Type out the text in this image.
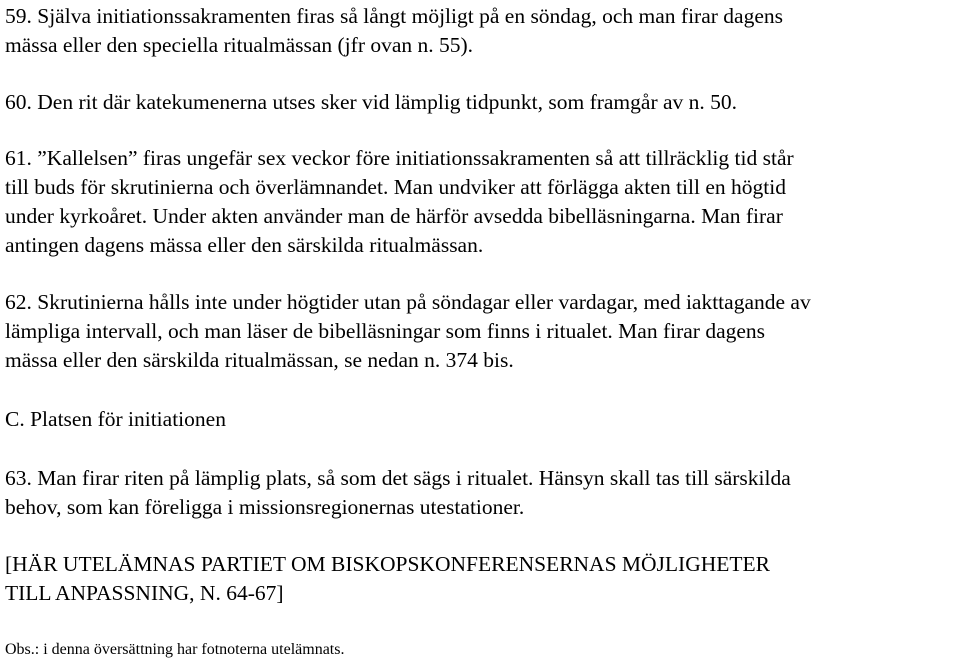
59. Själva initiationssakramenten firas så långt möjligt på en söndag, och man firar dagens
mässa eller den speciella ritualmässan (jfr ovan n. 55).

60. Den rit där katekumenerna utses sker vid lämplig tidpunkt, som framgår av n. 50.

61. ”Kallelsen” firas ungefär sex veckor före initiationssakramenten så att tillräcklig tid står
till buds för skrutinierna och överlämnandet. Man undviker att förlägga akten till en högtid
under kyrkoåret. Under akten använder man de härför avsedda bibelläsningarna. Man firar
antingen dagens mässa eller den särskilda ritualmässan.

62. Skrutinierna hålls inte under högtider utan på söndagar eller vardagar, med iakttagande av
lämpliga intervall, och man läser de bibelläsningar som finns i ritualet. Man firar dagens
mässa eller den särskilda ritualmässan, se nedan n. 374 bis.

C. Platsen för initiationen

63. Man firar riten på lämplig plats, så som det sägs i ritualet. Hänsyn skall tas till särskilda
behov, som kan föreligga i missionsregionernas utestationer.

[HÄR UTELÄMNAS PARTIET OM BISKOPSKONFERENSERNAS MÖJLIGHETER
TILL ANPASSNING, N. 64-67]

Obs.: i denna översättning har fotnoterna utelämnats.
